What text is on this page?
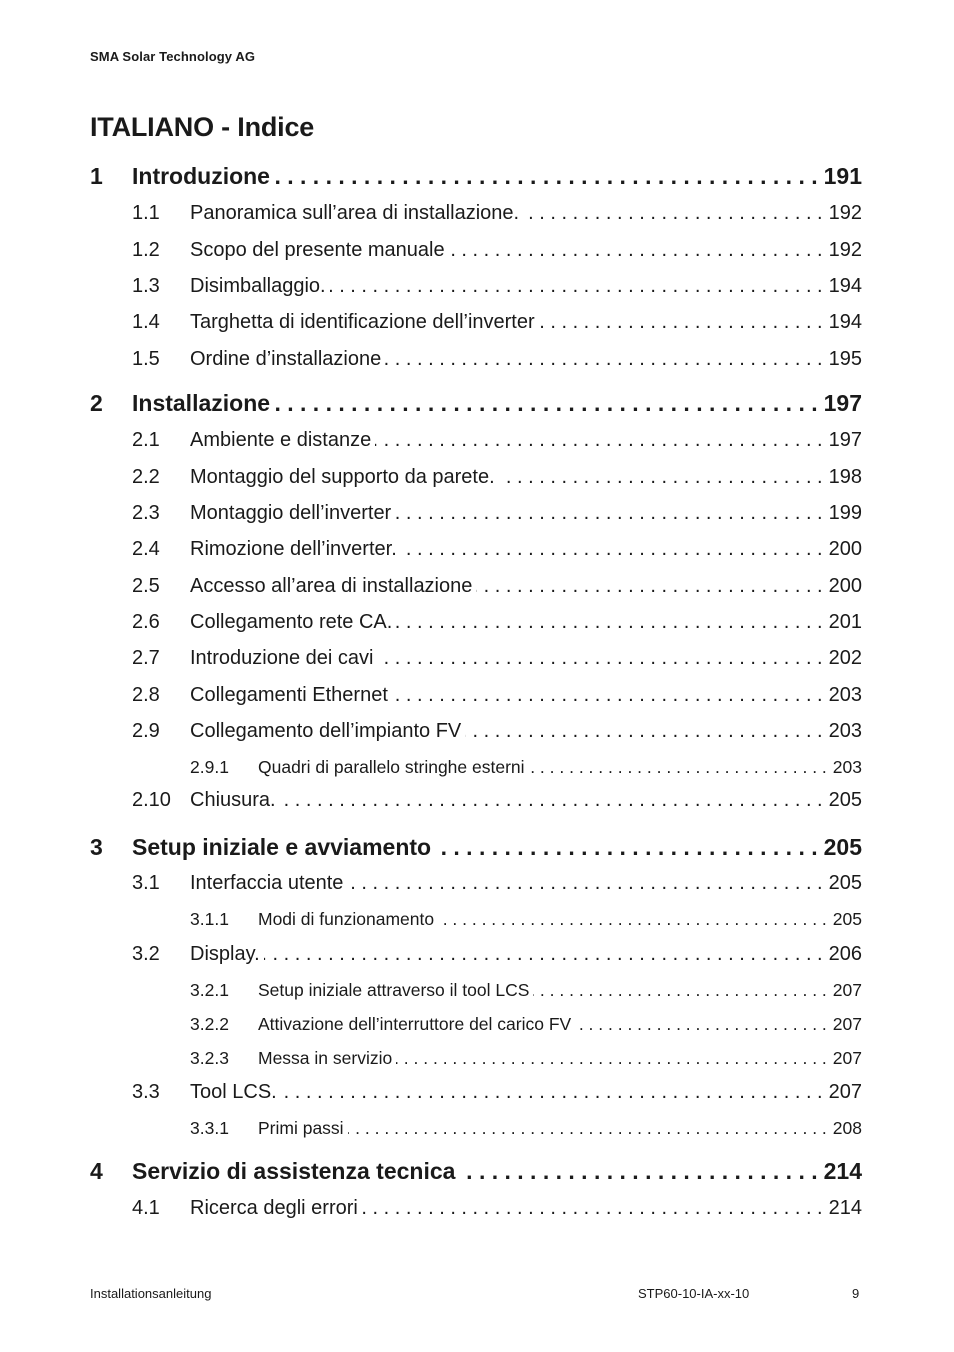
SMA Solar Technology AG
ITALIANO - Indice
1 Introduzione . . .	191
1.1 Panoramica sull’area di installazione. . . .	192
1.2 Scopo del presente manuale . . .	192
1.3 Disimballaggio. . . .	194
1.4 Targhetta di identificazione dell’inverter . . .	194
1.5 Ordine d’installazione . . .	195
2 Installazione . . .	197
2.1 Ambiente e distanze . . .	197
2.2 Montaggio del supporto da parete. . . .	198
2.3 Montaggio dell’inverter . . .	199
2.4 Rimozione dell’inverter. . . .	200
2.5 Accesso all’area di installazione . . .	200
2.6 Collegamento rete CA. . . .	201
2.7 Introduzione dei cavi . . .	202
2.8 Collegamenti Ethernet . . .	203
2.9 Collegamento dell’impianto FV . . .	203
2.9.1 Quadri di parallelo stringhe esterni . . .	203
2.10 Chiusura. . . .	205
3 Setup iniziale e avviamento . . .	205
3.1 Interfaccia utente . . .	205
3.1.1 Modi di funzionamento . . .	205
3.2 Display. . . .	206
3.2.1 Setup iniziale attraverso il tool LCS . . .	207
3.2.2 Attivazione dell’interruttore del carico FV . . .	207
3.2.3 Messa in servizio . . .	207
3.3 Tool LCS. . . .	207
3.3.1 Primi passi . . .	208
4 Servizio di assistenza tecnica . . .	214
4.1 Ricerca degli errori . . .	214
Installationsanleitung	STP60-10-IA-xx-10	9
